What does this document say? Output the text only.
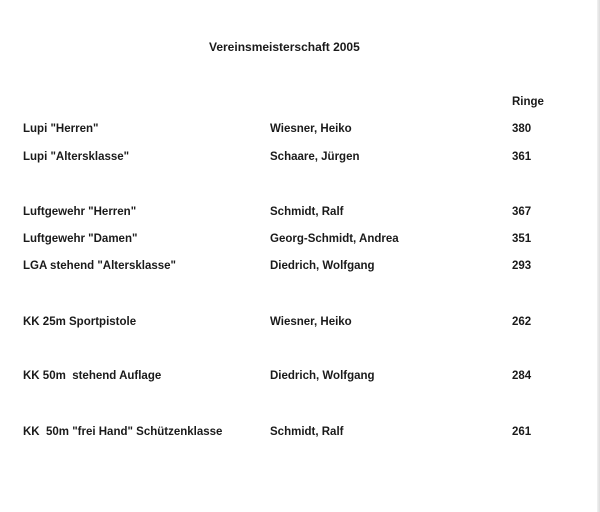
Vereinsmeisterschaft 2005
Ringe
Lupi "Herren"	Wiesner, Heiko	380
Lupi "Altersklasse"	Schaare, Jürgen	361
Luftgewehr "Herren"	Schmidt, Ralf	367
Luftgewehr "Damen"	Georg-Schmidt, Andrea	351
LGA stehend "Altersklasse"	Diedrich, Wolfgang	293
KK 25m Sportpistole	Wiesner, Heiko	262
KK 50m  stehend Auflage	Diedrich, Wolfgang	284
KK  50m "frei Hand" Schützenklasse	Schmidt, Ralf	261
